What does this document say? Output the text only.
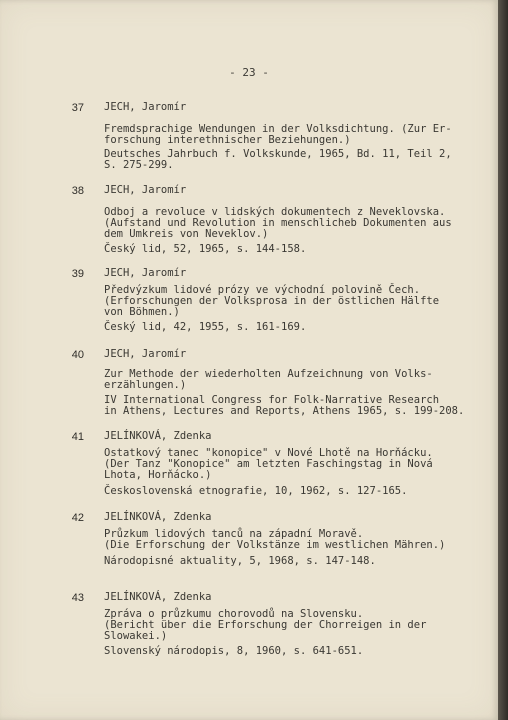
- 23 -
37 JECH, Jaromír
Fremdsprachige Wendungen in der Volksdichtung. (Zur Er-
forschung interethnischer Beziehungen.)
Deutsches Jahrbuch f. Volkskunde, 1965, Bd. 11, Teil 2,
S. 275-299.
38 JECH, Jaromír
Odboj a revoluce v lidských dokumentech z Neveklovska.
(Aufstand und Revolution in menschlicheb Dokumenten aus
dem Umkreis von Neveklov.)
Český lid, 52, 1965, s. 144-158.
39 JECH, Jaromír
Předvýzkum lidové prózy ve východní polovině Čech.
(Erforschungen der Volksprosa in der östlichen Hälfte
von Böhmen.)
Český lid, 42, 1955, s. 161-169.
40 JECH, Jaromír
Zur Methode der wiederholten Aufzeichnung von Volks-
erzählungen.)
IV International Congress for Folk-Narrative Research
in Athens, Lectures and Reports, Athens 1965, s. 199-208.
41 JELÍNKOVÁ, Zdenka
Ostatkový tanec "konopice" v Nové Lhotě na Horňácku.
(Der Tanz "Konopice" am letzten Faschingstag in Nová
Lhota, Horňácko.)
Československá etnografie, 10, 1962, s. 127-165.
42 JELÍNKOVÁ, Zdenka
Průzkum lidových tanců na západní Moravě.
(Die Erforschung der Volkstänze im westlichen Mähren.)
Národopisné aktuality, 5, 1968, s. 147-148.
43 JELÍNKOVÁ, Zdenka
Zpráva o průzkumu chorovodů na Slovensku.
(Bericht über die Erforschung der Chorreigen in der
Slowakei.)
Slovenský národopis, 8, 1960, s. 641-651.
